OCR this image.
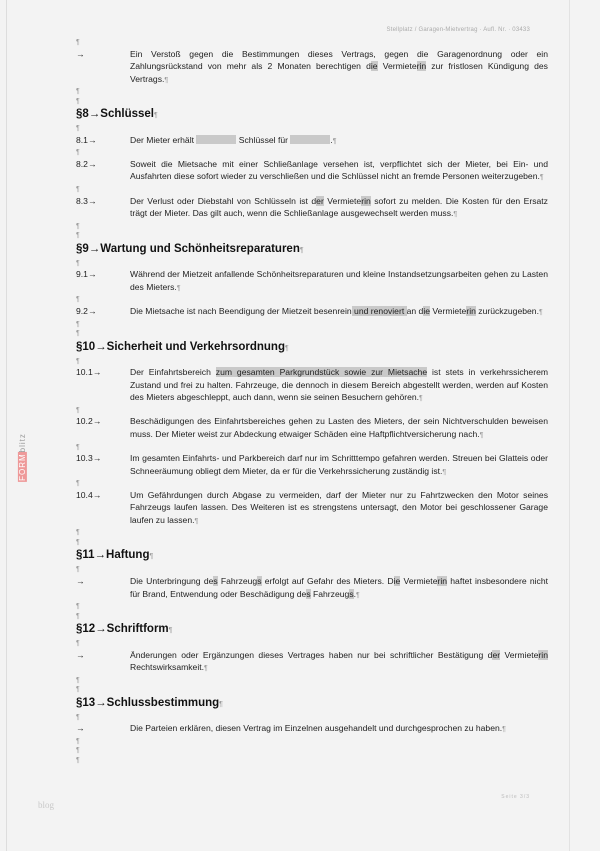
Stellplatz / Garagen-Mietvertrag · Aufl. Nr. · 03433
FORMblitz
blog
Seite 3/3
¶

→	Ein Verstoß gegen die Bestimmungen dieses Vertrags, gegen die Garagenordnung oder ein Zahlungsrückstand von mehr als 2 Monaten berechtigen die Vermieterin zur fristlosen Kündigung des Vertrags.¶

¶
¶
§8→Schlüssel¶
¶

8.1→	Der Mieter erhält	Schlüssel für	.¶

¶

8.2→	Soweit die Mietsache mit einer Schließanlage versehen ist, verpflichtet sich der Mieter, bei Ein- und Ausfahrten diese sofort wieder zu verschließen und die Schlüssel nicht an fremde Personen weiterzugeben.¶

¶

8.3→	Der Verlust oder Diebstahl von Schlüsseln ist der Vermieterin sofort zu melden. Die Kosten für den Ersatz trägt der Mieter. Das gilt auch, wenn die Schließanlage ausgewechselt werden muss.¶

¶
¶
§9→Wartung und Schönheitsreparaturen¶
¶

9.1→	Während der Mietzeit anfallende Schönheitsreparaturen und kleine Instandsetzungsarbeiten gehen zu Lasten des Mieters.¶

¶

9.2→	Die Mietsache ist nach Beendigung der Mietzeit besenrein und renoviert an die Vermieterin zurückzugeben.¶

¶
¶
§10→Sicherheit und Verkehrsordnung¶
¶

10.1→	Der Einfahrtsbereich zum gesamten Parkgrundstück sowie zur Mietsache ist stets in verkehrssicherem Zustand und frei zu halten. Fahrzeuge, die dennoch in diesem Bereich abgestellt werden, werden auf Kosten des Mieters abgeschleppt, auch dann, wenn sie seinen Besuchern gehören.¶

¶

10.2→	Beschädigungen des Einfahrtsbereiches gehen zu Lasten des Mieters, der sein Nichtverschulden beweisen muss. Der Mieter weist zur Abdeckung etwaiger Schäden eine Haftpflichtversicherung nach.¶

¶

10.3→	Im gesamten Einfahrts- und Parkbereich darf nur im Schritttempo gefahren werden. Streuen bei Glatteis oder Schneeräumung obliegt dem Mieter, da er für die Verkehrssicherung zuständig ist.¶

¶

10.4→	Um Gefährdungen durch Abgase zu vermeiden, darf der Mieter nur zu Fahrtzwecken den Motor seines Fahrzeugs laufen lassen. Des Weiteren ist es strengstens untersagt, den Motor bei geschlossener Garage laufen zu lassen.¶

¶
¶
§11→Haftung¶
¶

→	Die Unterbringung des Fahrzeugs erfolgt auf Gefahr des Mieters. Die Vermieterin haftet insbesondere nicht für Brand, Entwendung oder Beschädigung des Fahrzeugs.¶

¶
¶
§12→Schriftform¶
¶

→	Änderungen oder Ergänzungen dieses Vertrages haben nur bei schriftlicher Bestätigung der Vermieterin Rechtswirksamkeit.¶

¶
¶
§13→Schlussbestimmung¶
¶

→	Die Parteien erklären, diesen Vertrag im Einzelnen ausgehandelt und durchgesprochen zu haben.¶

¶
¶
¶
